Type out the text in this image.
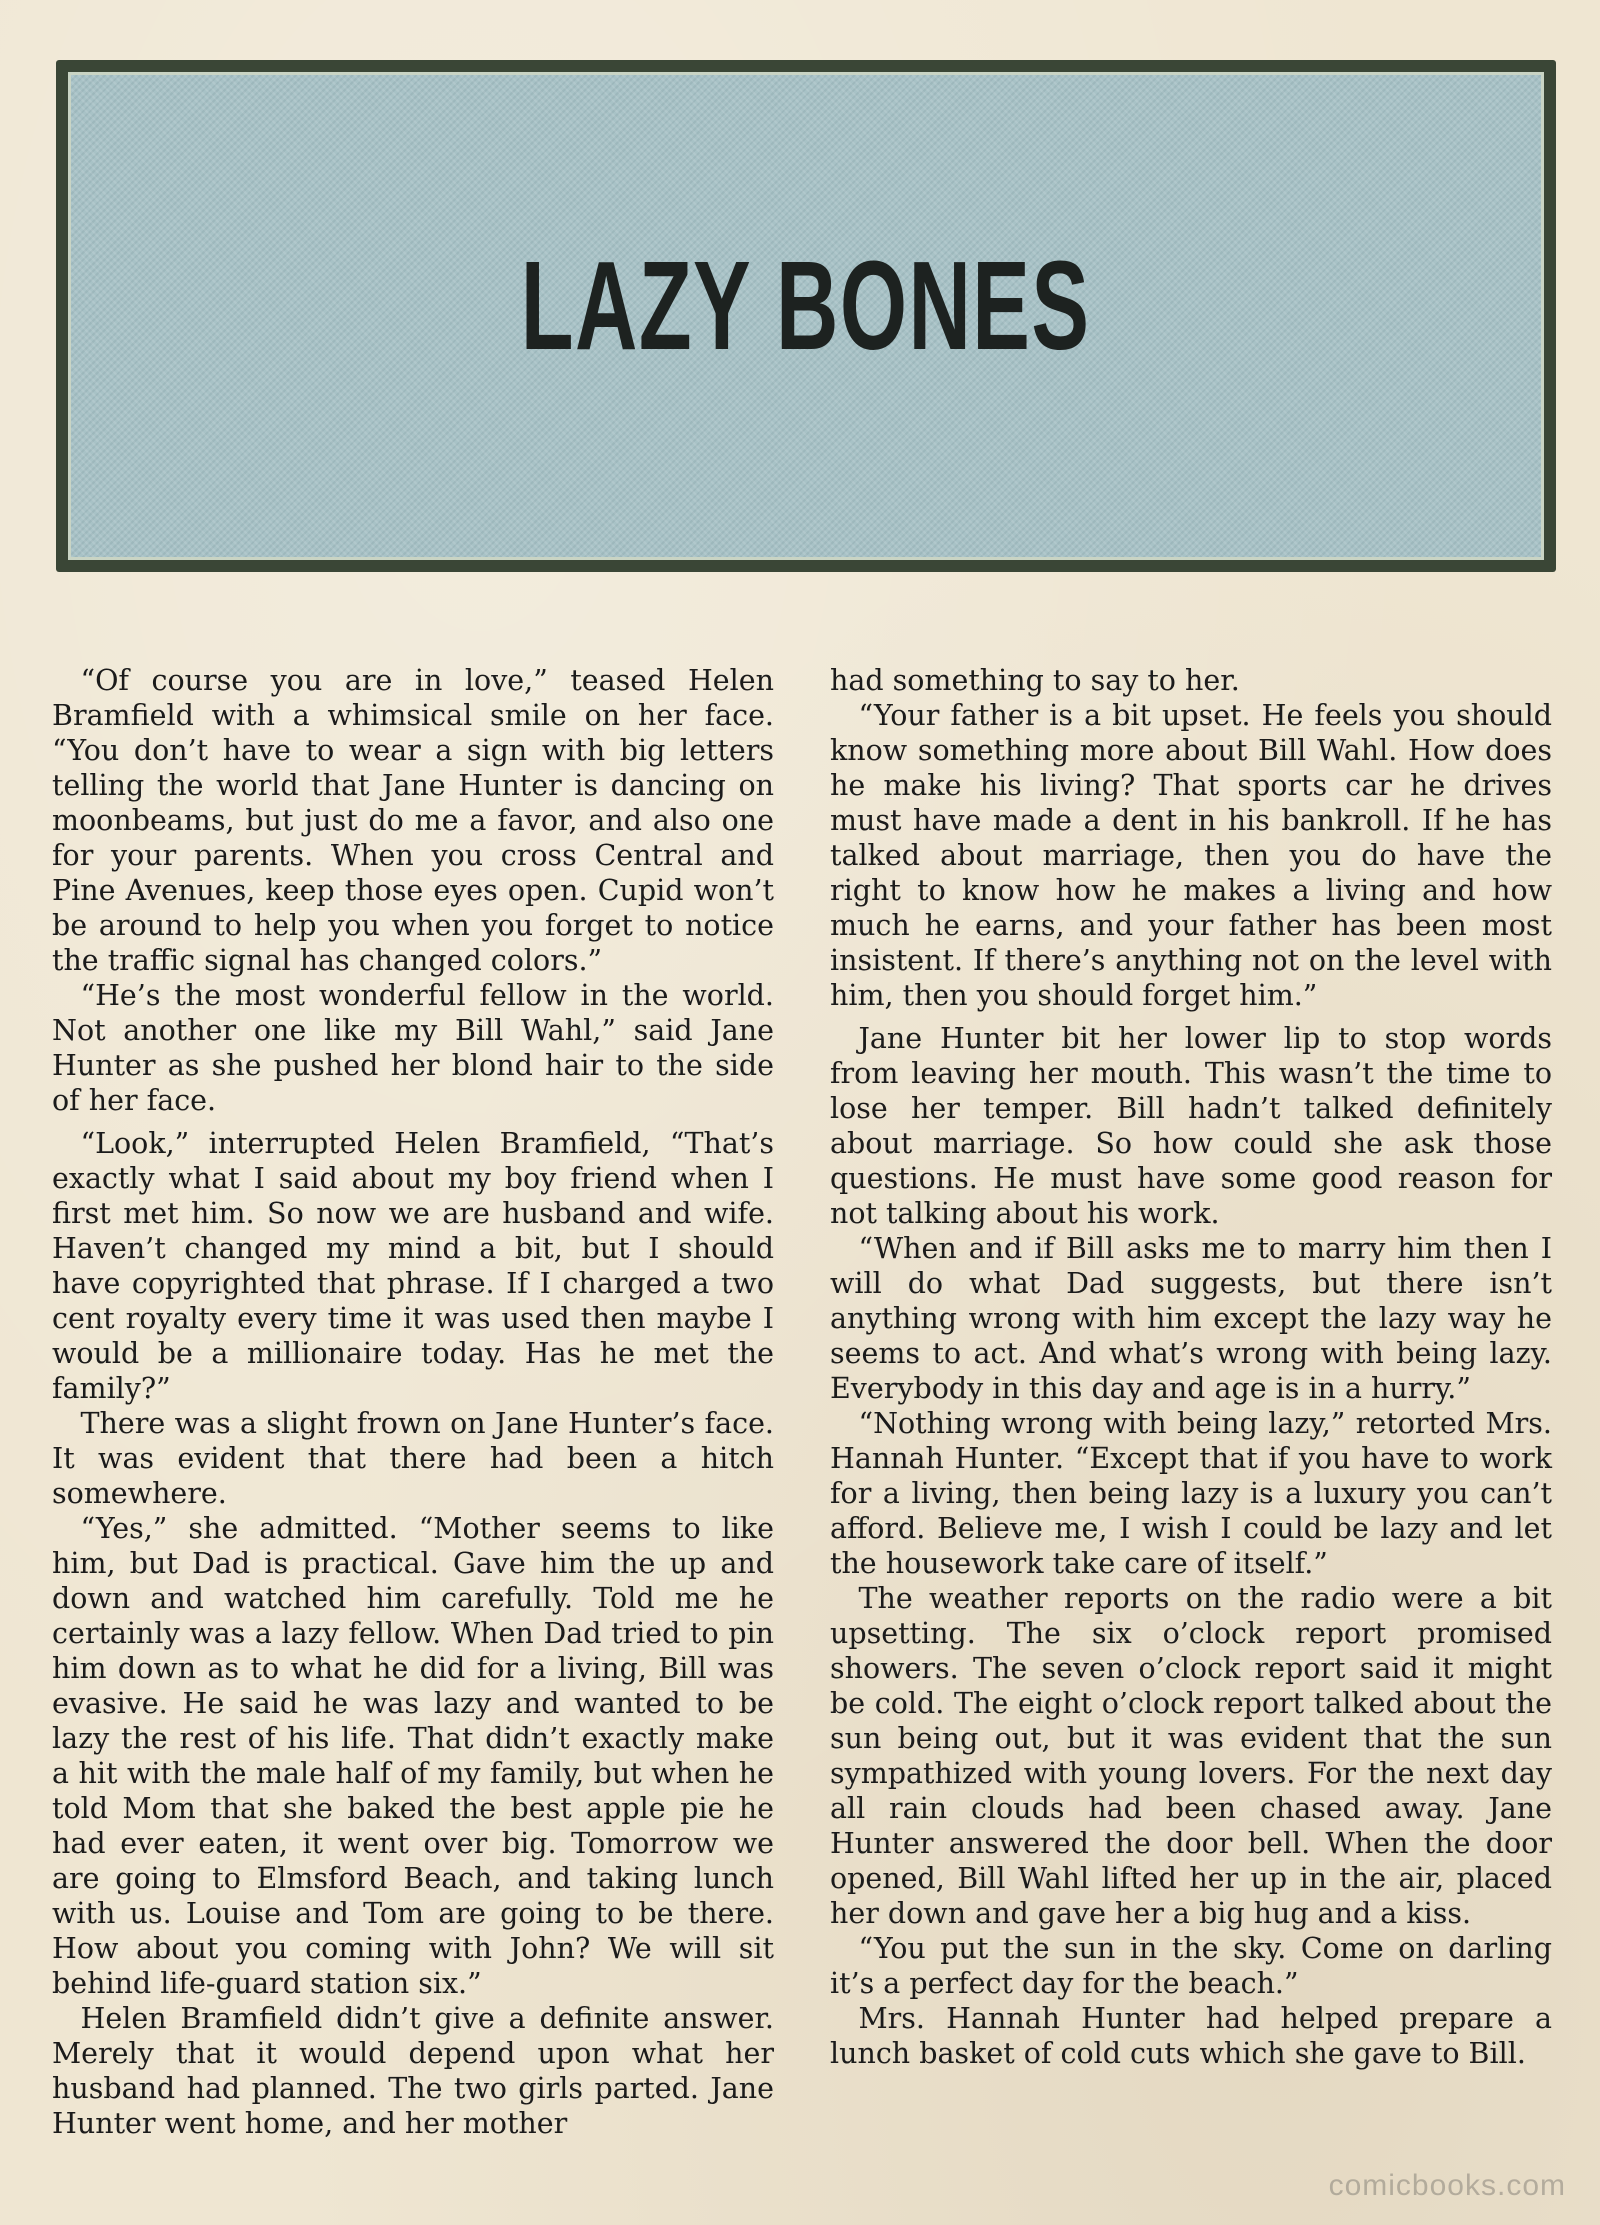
LAZY BONES

“Of course you are in love,” teased Helen Bramfield with a whimsical smile on her face. “You don’t have to wear a sign with big letters telling the world that Jane Hunter is dancing on moonbeams, but just do me a favor, and also one for your parents. When you cross Central and Pine Avenues, keep those eyes open. Cupid won’t be around to help you when you forget to notice the traffic signal has changed colors.”

“He’s the most wonderful fellow in the world. Not another one like my Bill Wahl,” said Jane Hunter as she pushed her blond hair to the side of her face.

“Look,” interrupted Helen Bramfield, “That’s exactly what I said about my boy friend when I first met him. So now we are husband and wife. Haven’t changed my mind a bit, but I should have copyrighted that phrase. If I charged a two cent royalty every time it was used then maybe I would be a millionaire today. Has he met the family?”

There was a slight frown on Jane Hunter’s face. It was evident that there had been a hitch somewhere.

“Yes,” she admitted. “Mother seems to like him, but Dad is practical. Gave him the up and down and watched him carefully. Told me he certainly was a lazy fellow. When Dad tried to pin him down as to what he did for a living, Bill was evasive. He said he was lazy and wanted to be lazy the rest of his life. That didn’t exactly make a hit with the male half of my family, but when he told Mom that she baked the best apple pie he had ever eaten, it went over big. Tomorrow we are going to Elmsford Beach, and taking lunch with us. Louise and Tom are going to be there. How about you coming with John? We will sit behind life-guard station six.”

Helen Bramfield didn’t give a definite answer. Merely that it would depend upon what her husband had planned. The two girls parted. Jane Hunter went home, and her mother

had something to say to her.

“Your father is a bit upset. He feels you should know something more about Bill Wahl. How does he make his living? That sports car he drives must have made a dent in his bankroll. If he has talked about marriage, then you do have the right to know how he makes a living and how much he earns, and your father has been most insistent. If there’s anything not on the level with him, then you should forget him.”

Jane Hunter bit her lower lip to stop words from leaving her mouth. This wasn’t the time to lose her temper. Bill hadn’t talked definitely about marriage. So how could she ask those questions. He must have some good reason for not talking about his work.

“When and if Bill asks me to marry him then I will do what Dad suggests, but there isn’t anything wrong with him except the lazy way he seems to act. And what’s wrong with being lazy. Everybody in this day and age is in a hurry.”

“Nothing wrong with being lazy,” retorted Mrs. Hannah Hunter. “Except that if you have to work for a living, then being lazy is a luxury you can’t afford. Believe me, I wish I could be lazy and let the housework take care of itself.”

The weather reports on the radio were a bit upsetting. The six o’clock report promised showers. The seven o’clock report said it might be cold. The eight o’clock report talked about the sun being out, but it was evident that the sun sympathized with young lovers. For the next day all rain clouds had been chased away. Jane Hunter answered the door bell. When the door opened, Bill Wahl lifted her up in the air, placed her down and gave her a big hug and a kiss.

“You put the sun in the sky. Come on darling it’s a perfect day for the beach.”

Mrs. Hannah Hunter had helped prepare a lunch basket of cold cuts which she gave to Bill.

comicbooks.com
